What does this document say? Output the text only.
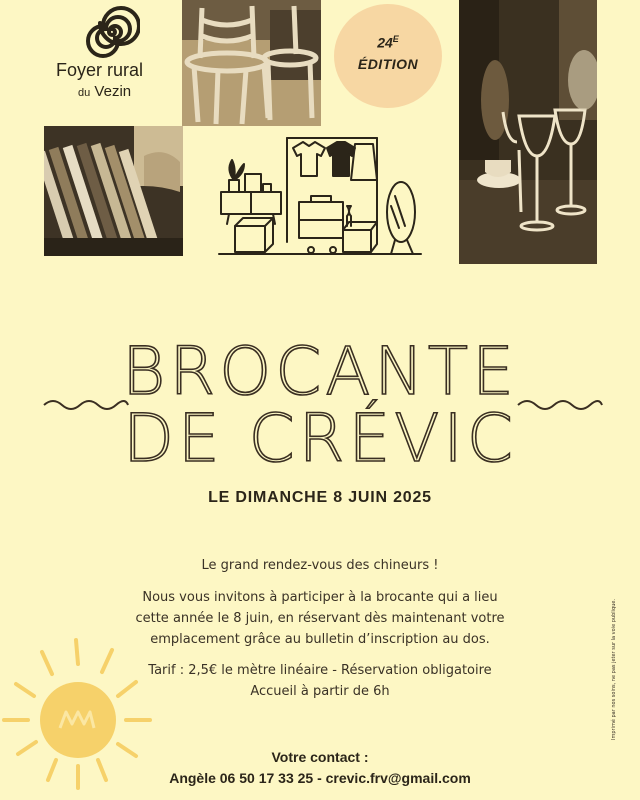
Foyer rural
du Vezin
$24^E$
ÉDITION
BROCANTE
DE CRÉVIC
LE DIMANCHE 8 JUIN 2025
Le grand rendez-vous des chineurs !
Nous vous invitons à participer à la brocante qui a lieu
cette année le 8 juin, en réservant dès maintenant votre
emplacement grâce au bulletin d’inscription au dos.
Tarif : 2,5€ le mètre linéaire - Réservation obligatoire
Accueil à partir de 6h
Votre contact :
Angèle 06 50 17 33 25 - crevic.frv@gmail.com
Imprimé par nos soins, ne pas jeter sur la voie publique.
